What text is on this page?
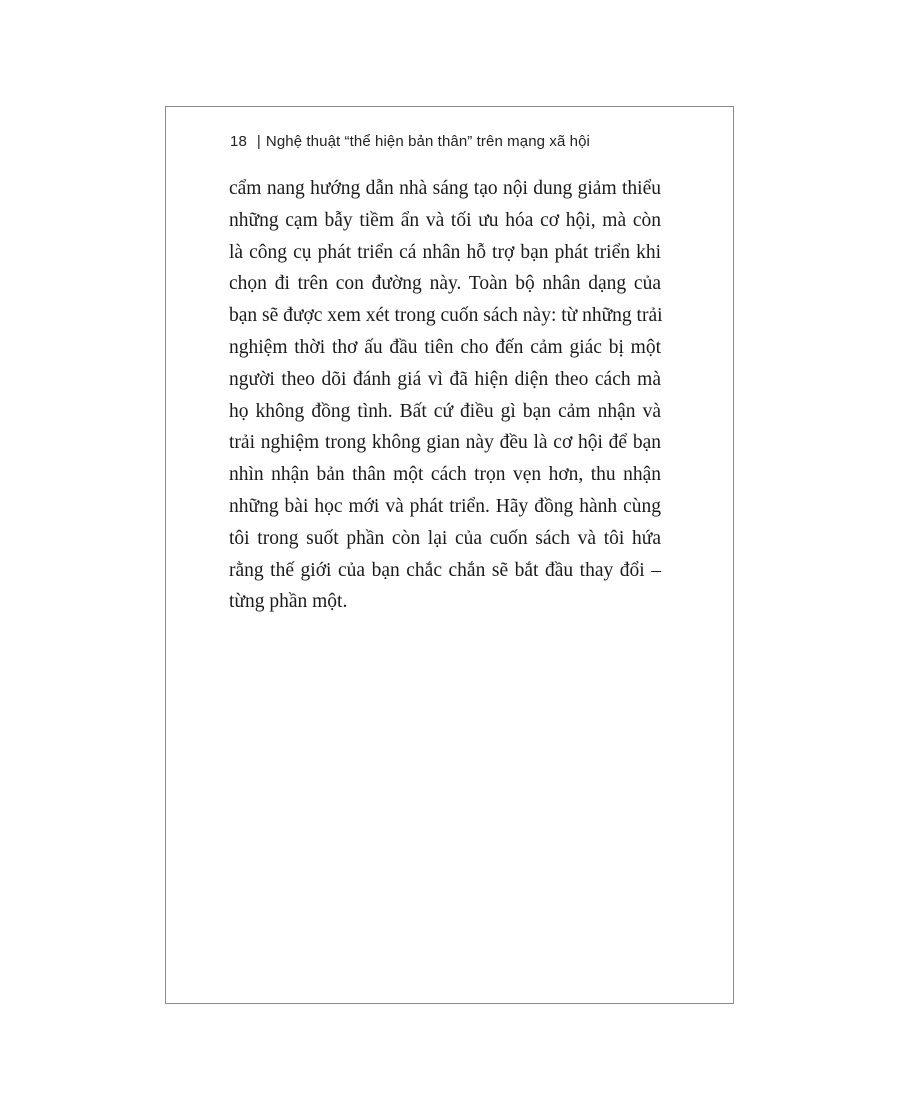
18 | Nghệ thuật “thể hiện bản thân” trên mạng xã hội
cẩm nang hướng dẫn nhà sáng tạo nội dung giảm thiểu
những cạm bẫy tiềm ẩn và tối ưu hóa cơ hội, mà còn
là công cụ phát triển cá nhân hỗ trợ bạn phát triển khi
chọn đi trên con đường này. Toàn bộ nhân dạng của
bạn sẽ được xem xét trong cuốn sách này: từ những trải
nghiệm thời thơ ấu đầu tiên cho đến cảm giác bị một
người theo dõi đánh giá vì đã hiện diện theo cách mà
họ không đồng tình. Bất cứ điều gì bạn cảm nhận và
trải nghiệm trong không gian này đều là cơ hội để bạn
nhìn nhận bản thân một cách trọn vẹn hơn, thu nhận
những bài học mới và phát triển. Hãy đồng hành cùng
tôi trong suốt phần còn lại của cuốn sách và tôi hứa
rằng thế giới của bạn chắc chắn sẽ bắt đầu thay đổi –
từng phần một.
